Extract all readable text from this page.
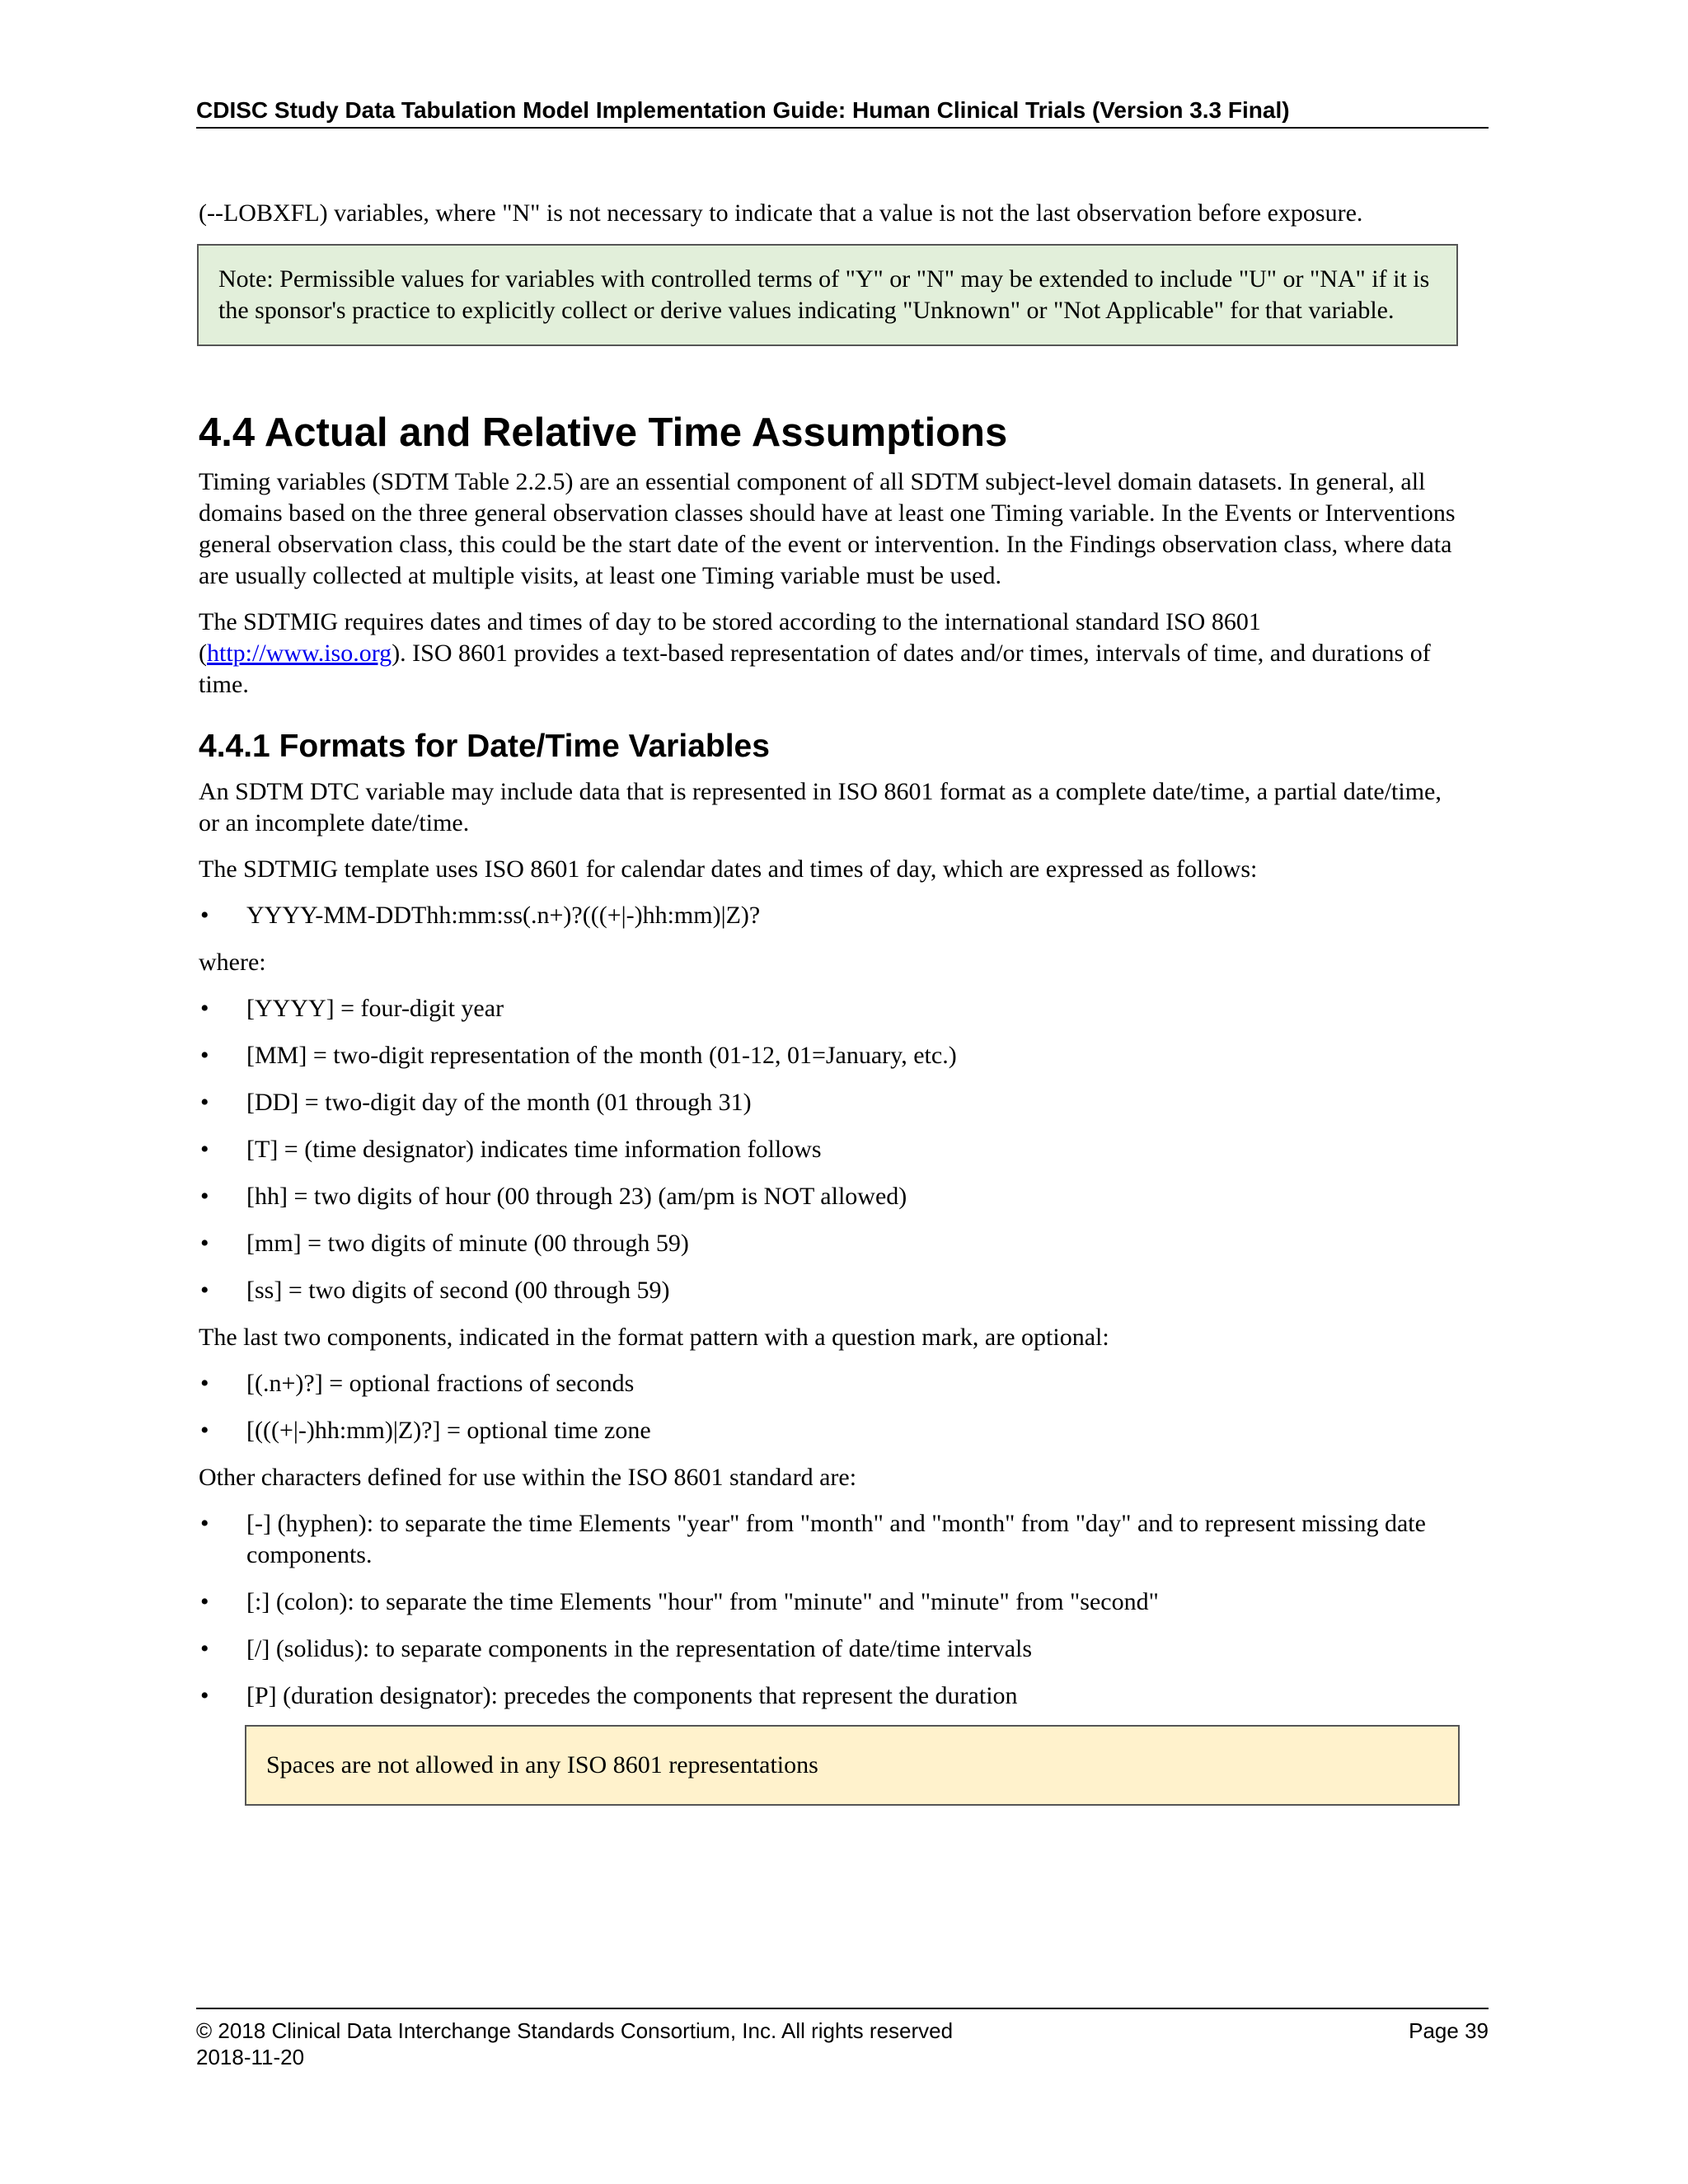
CDISC Study Data Tabulation Model Implementation Guide: Human Clinical Trials (Version 3.3 Final)

(--LOBXFL) variables, where "N" is not necessary to indicate that a value is not the last observation before exposure.

Note: Permissible values for variables with controlled terms of "Y" or "N" may be extended to include "U" or "NA" if it is the sponsor's practice to explicitly collect or derive values indicating "Unknown" or "Not Applicable" for that variable.
4.4 Actual and Relative Time Assumptions

Timing variables (SDTM Table 2.2.5) are an essential component of all SDTM subject-level domain datasets. In general, all domains based on the three general observation classes should have at least one Timing variable. In the Events or Interventions general observation class, this could be the start date of the event or intervention. In the Findings observation class, where data are usually collected at multiple visits, at least one Timing variable must be used.

The SDTMIG requires dates and times of day to be stored according to the international standard ISO 8601 (http://www.iso.org). ISO 8601 provides a text-based representation of dates and/or times, intervals of time, and durations of time.

4.4.1 Formats for Date/Time Variables

An SDTM DTC variable may include data that is represented in ISO 8601 format as a complete date/time, a partial date/time, or an incomplete date/time.

The SDTMIG template uses ISO 8601 for calendar dates and times of day, which are expressed as follows:

• YYYY-MM-DDThh:mm:ss(.n+)?(((+|-)hh:mm)|Z)?

where:

• [YYYY] = four-digit year
• [MM] = two-digit representation of the month (01-12, 01=January, etc.)
• [DD] = two-digit day of the month (01 through 31)
• [T] = (time designator) indicates time information follows
• [hh] = two digits of hour (00 through 23) (am/pm is NOT allowed)
• [mm] = two digits of minute (00 through 59)
• [ss] = two digits of second (00 through 59)

The last two components, indicated in the format pattern with a question mark, are optional:

• [(.n+)?] = optional fractions of seconds
• [(((+|-)hh:mm)|Z)?] = optional time zone

Other characters defined for use within the ISO 8601 standard are:

• [-] (hyphen): to separate the time Elements "year" from "month" and "month" from "day" and to represent missing date components.
• [:] (colon): to separate the time Elements "hour" from "minute" and "minute" from "second"
• [/] (solidus): to separate components in the representation of date/time intervals
• [P] (duration designator): precedes the components that represent the duration
Spaces are not allowed in any ISO 8601 representations
© 2018 Clinical Data Interchange Standards Consortium, Inc. All rights reserved
2018-11-20
Page 39
